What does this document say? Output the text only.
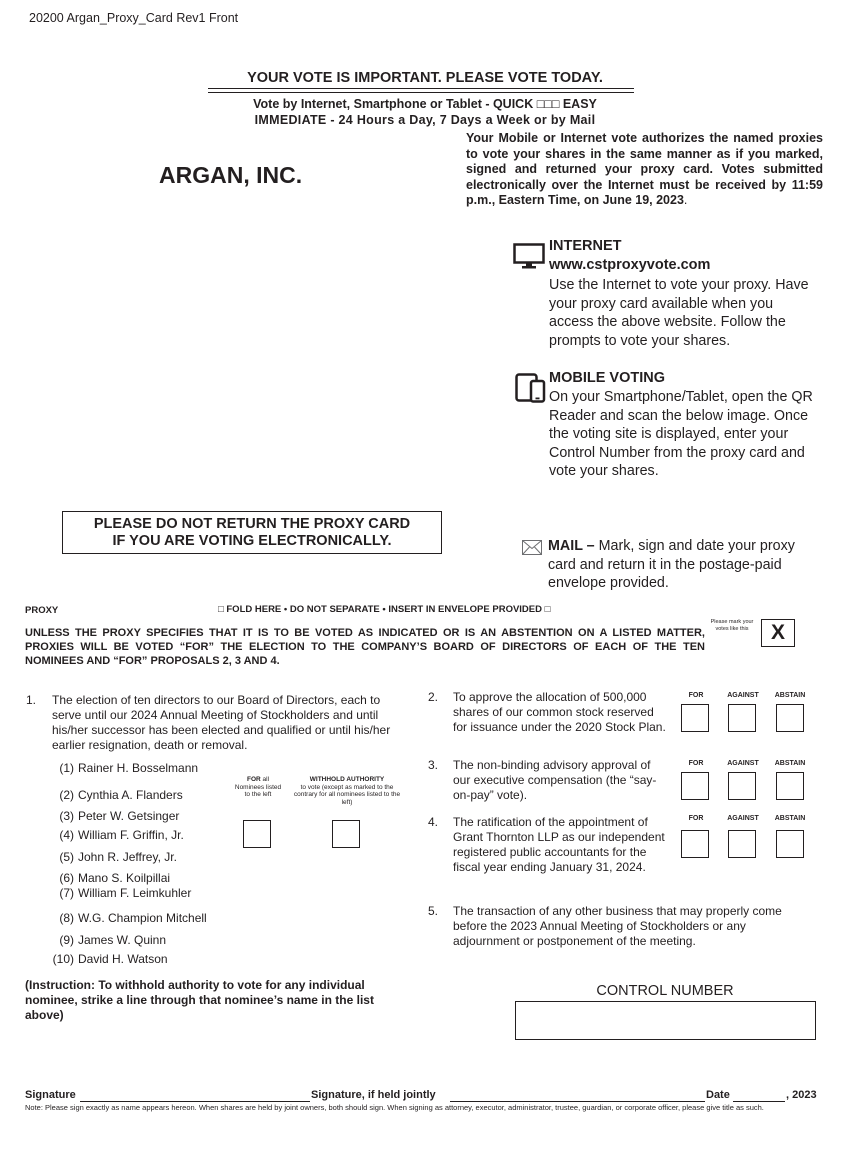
20200 Argan_Proxy_Card Rev1 Front
YOUR VOTE IS IMPORTANT. PLEASE VOTE TODAY.
Vote by Internet, Smartphone or Tablet - QUICK □□□ EASY
IMMEDIATE - 24 Hours a Day, 7 Days a Week or by Mail
ARGAN, INC.
Your Mobile or Internet vote authorizes the named proxies to vote your shares in the same manner as if you marked, signed and returned your proxy card. Votes submitted electronically over the Internet must be received by 11:59 p.m., Eastern Time, on June 19, 2023.
INTERNET
www.cstproxyvote.com
Use the Internet to vote your proxy. Have your proxy card available when you access the above website. Follow the prompts to vote your shares.
MOBILE VOTING
On your Smartphone/Tablet, open the QR Reader and scan the below image. Once the voting site is displayed, enter your Control Number from the proxy card and vote your shares.
PLEASE DO NOT RETURN THE PROXY CARD
IF YOU ARE VOTING ELECTRONICALLY.	MAIL – Mark, sign and date your proxy card and return it in the postage-paid envelope provided.
PROXY	□ FOLD HERE • DO NOT SEPARATE • INSERT IN ENVELOPE PROVIDED □
Please mark your votes like this	X
UNLESS THE PROXY SPECIFIES THAT IT IS TO BE VOTED AS INDICATED OR IS AN ABSTENTION ON A LISTED MATTER, PROXIES WILL BE VOTED “FOR” THE ELECTION TO THE COMPANY’S BOARD OF DIRECTORS OF EACH OF THE TEN NOMINEES AND “FOR” PROPOSALS 2, 3 AND 4.
1. The election of ten directors to our Board of Directors, each to serve until our 2024 Annual Meeting of Stockholders and until his/her successor has been elected and qualified or until his/her earlier resignation, death or removal.
(1) Rainer H. Bosselmann
(2) Cynthia A. Flanders
(3) Peter W. Getsinger
(4) William F. Griffin, Jr.
(5) John R. Jeffrey, Jr.
(6) Mano S. Koilpillai
(7) William F. Leimkuhler
(8) W.G. Champion Mitchell
(9) James W. Quinn
(10) David H. Watson
FOR all
Nominees listed to the left
WITHHOLD AUTHORITY
to vote (except as marked to the contrary for all nominees listed to the left)
(Instruction: To withhold authority to vote for any individual nominee, strike a line through that nominee’s name in the list above)
2. To approve the allocation of 500,000 shares of our common stock reserved for issuance under the 2020 Stock Plan.
FOR	AGAINST	ABSTAIN
3. The non-binding advisory approval of our executive compensation (the “say-on-pay” vote).
FOR	AGAINST	ABSTAIN
4. The ratification of the appointment of Grant Thornton LLP as our independent registered public accountants for the fiscal year ending January 31, 2024.
FOR	AGAINST	ABSTAIN
5. The transaction of any other business that may properly come before the 2023 Annual Meeting of Stockholders or any adjournment or postponement of the meeting.
CONTROL NUMBER
Signature	Signature, if held jointly	Date	, 2023
Note: Please sign exactly as name appears hereon. When shares are held by joint owners, both should sign. When signing as attorney, executor, administrator, trustee, guardian, or corporate officer, please give title as such.
